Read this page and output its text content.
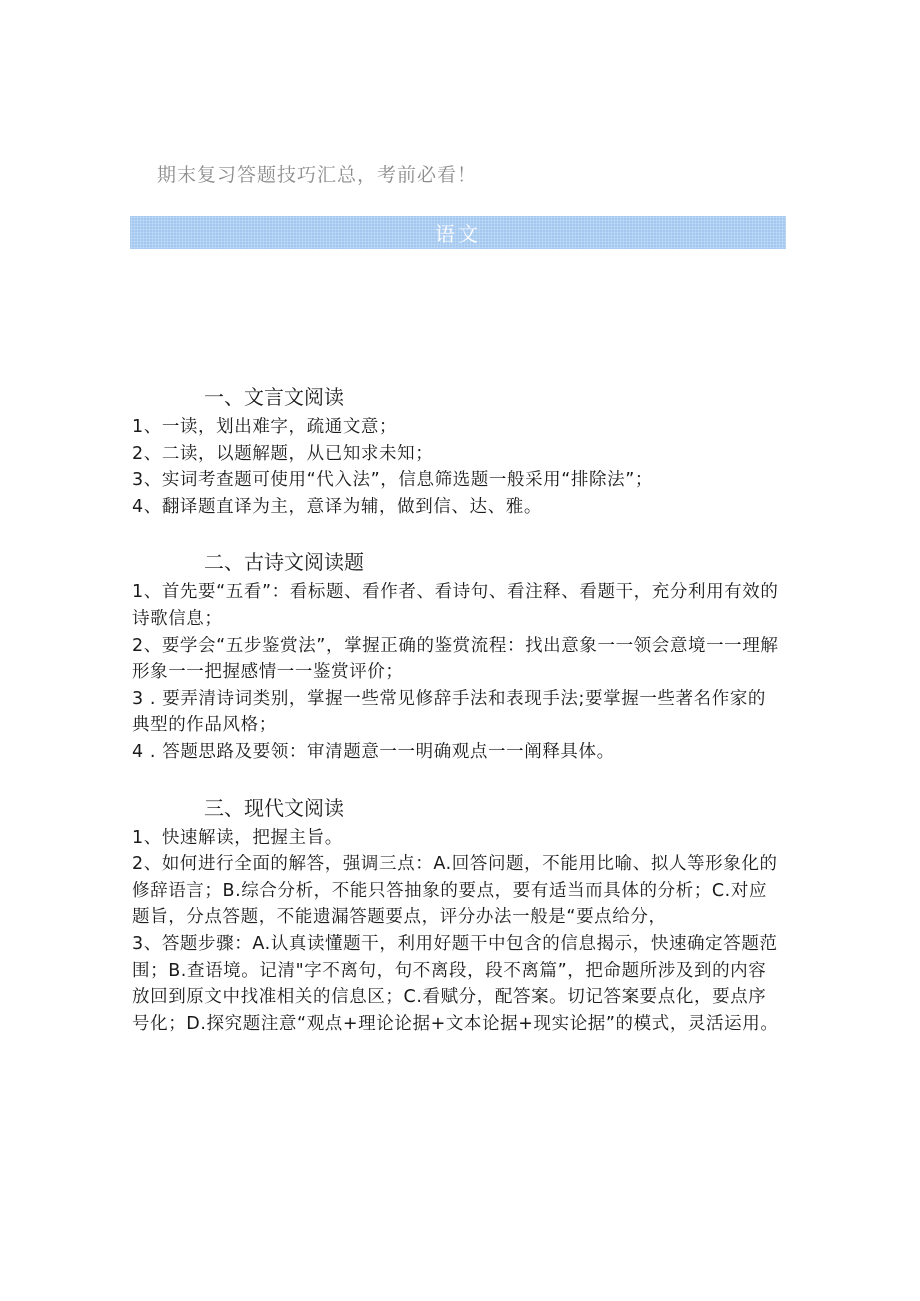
期末复习答题技巧汇总，考前必看！
语文
一、文言文阅读

1、一读，划出难字，疏通文意；

2、二读，以题解题，从已知求未知；

3、实词考查题可使用“代入法”，信息筛选题一般采用“排除法”；

4、翻译题直译为主，意译为辅，做到信、达、雅。

二、古诗文阅读题

1、首先要“五看”：看标题、看作者、看诗句、看注释、看题干，充分利用有效的诗歌信息；

2、要学会“五步鉴赏法”，掌握正确的鉴赏流程：找出意象一一领会意境一一理解形象一一把握感情一一鉴赏评价；

3 . 要弄清诗词类别，掌握一些常见修辞手法和表现手法;要掌握一些著名作家的典型的作品风格；

4 . 答题思路及要领：审清题意一一明确观点一一阐释具体。

三、现代文阅读

1、快速解读，把握主旨。

2、如何进行全面的解答，强调三点：A.回答问题，不能用比喻、拟人等形象化的修辞语言；B.综合分析，不能只答抽象的要点，要有适当而具体的分析；C.对应题旨，分点答题，不能遗漏答题要点，评分办法一般是“要点给分，

3、答题步骤：A.认真读懂题干，利用好题干中包含的信息揭示，快速确定答题范围；B.查语境。记清"字不离句，句不离段，段不离篇”，把命题所涉及到的内容放回到原文中找准相关的信息区；C.看赋分，配答案。切记答案要点化，要点序号化；D.探究题注意“观点+理论论据+文本论据+现实论据”的模式，灵活运用。
